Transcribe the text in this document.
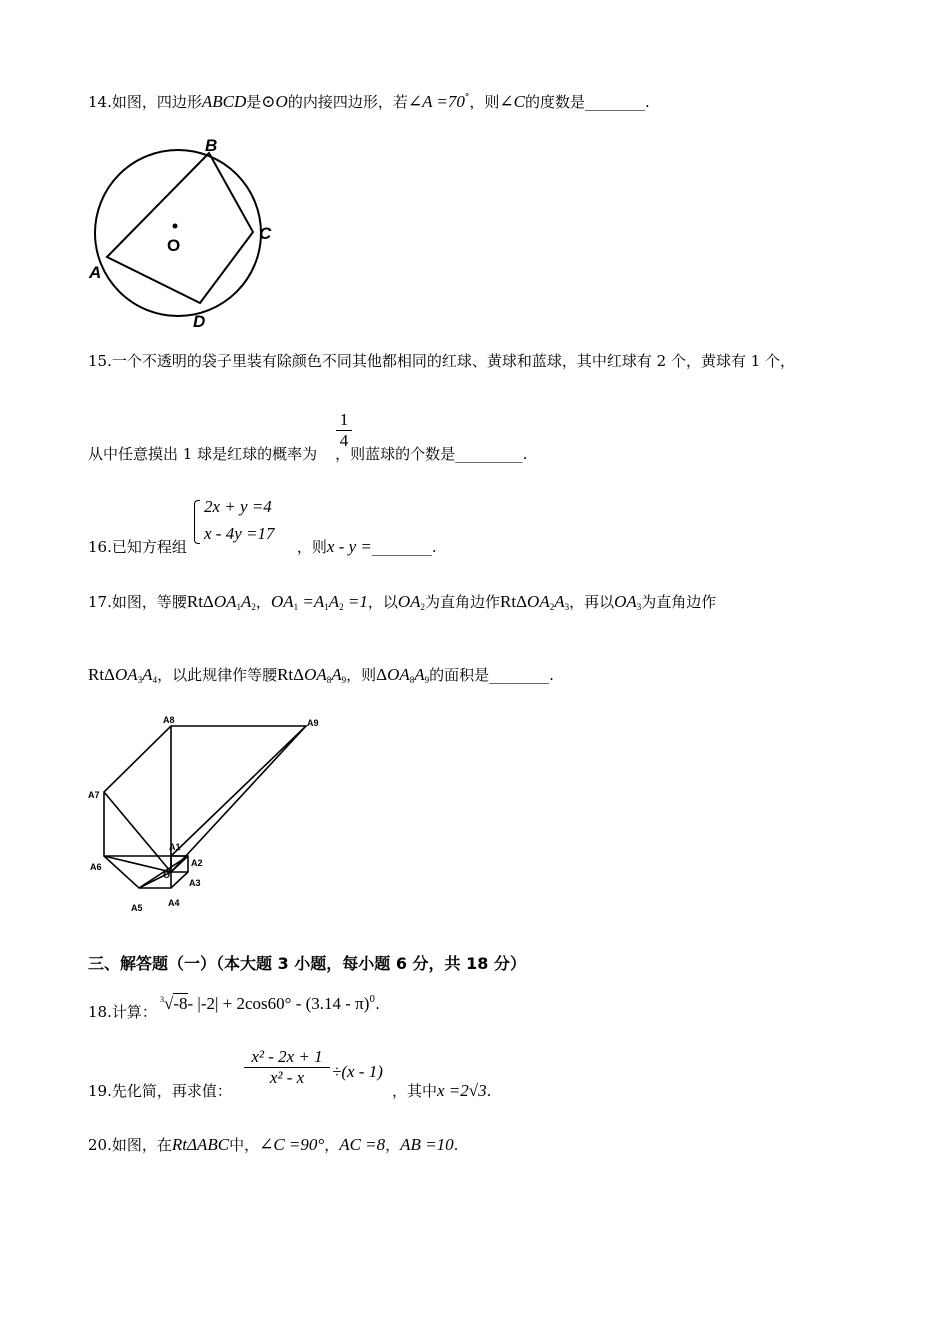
14.如图，四边形ABCD是⊙O的内接四边形，若∠A =70°，则∠C的度数是________.
O
A
B
C
D
15.一个不透明的袋子里装有除颜色不同其他都相同的红球、黄球和蓝球，其中红球有 2 个，黄球有 1 个，
$\frac{1}{4}$
从中任意摸出 1 球是红球的概率为 ，则蓝球的个数是_________.
2x + y =4
x - 4y =17
16.已知方程组	，则x - y =________.
17.如图，等腰$Rt\Delta OA_1A_2$，$OA_1 =A_1A_2 =1$，以$OA_2$为直角边作$Rt\Delta OA_2A_3$，再以$OA_3$为直角边作
$Rt\Delta OA_3A_4$，以此规律作等腰$Rt\Delta OA_8A_9$，则$\Delta OA_8A_9$的面积是________.
A8	A9
A7
A1
A2
A6
O
A3
A5	A4
三、解答题（一）（本大题 3 小题，每小题 6 分，共 18 分）
18.计算：
$^3$√-8- |-2| + 2cos60° - (3.14 - π)$^0$.
19.先化简，再求值：
$\frac{\text{x² - 2x + 1}}{\text{x² - x}} \div(x - 1)$
，其中x =2√3.
20.如图，在RtΔABC中，∠C =90°，AC =8，AB =10.
